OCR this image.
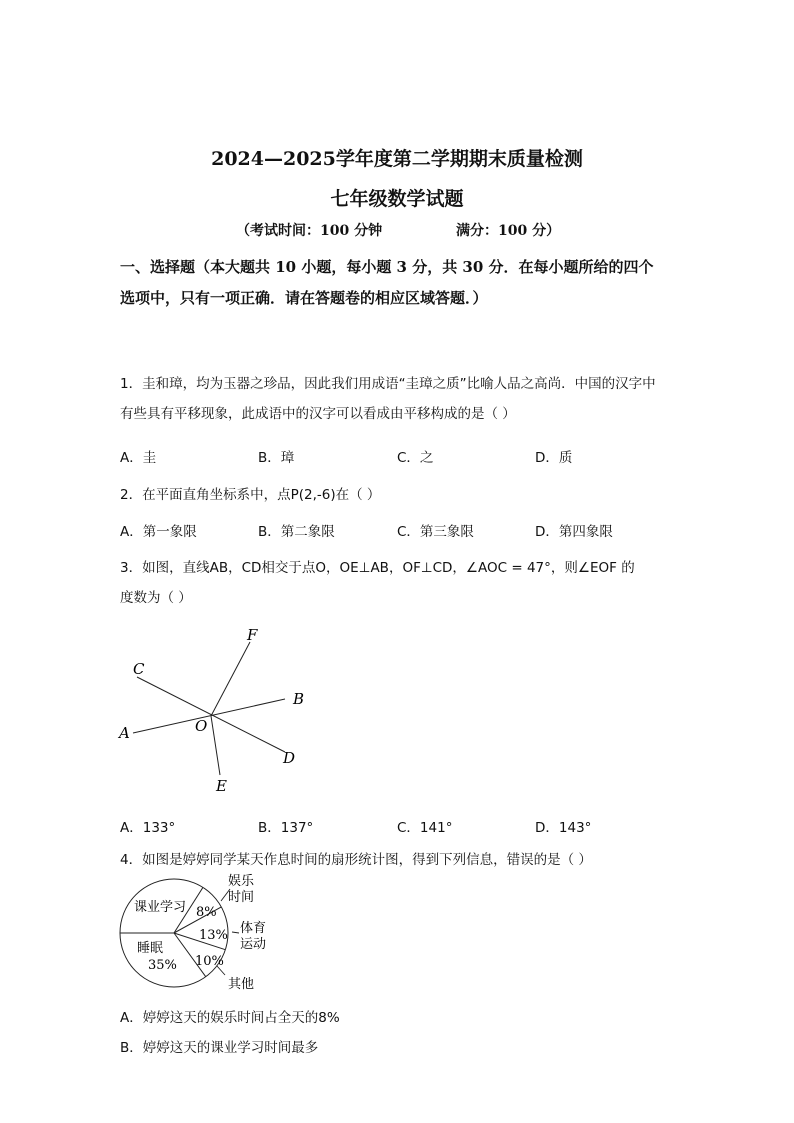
2024—2025学年度第二学期期末质量检测
七年级数学试题
（考试时间：100 分钟	满分：100 分）
一、选择题（本大题共 10 小题，每小题 3 分，共 30 分．在每小题所给的四个
选项中，只有一项正确．请在答题卷的相应区域答题．）
1．圭和璋，均为玉器之珍品，因此我们用成语“圭璋之质”比喻人品之高尚．中国的汉字中
有些具有平移现象，此成语中的汉字可以看成由平移构成的是（ ）
A．圭	B．璋	C．之	D．质
2．在平面直角坐标系中，点P(2,-6)在（ ）
A．第一象限	B．第二象限	C．第三象限	D．第四象限
3．如图，直线AB，CD相交于点O，OE⊥AB，OF⊥CD，∠AOC = 47°，则∠EOF 的
度数为（ ）
A
B
C
D
E
F
O
A．133°	B．137°	C．141°	D．143°
4．如图是婷婷同学某天作息时间的扇形统计图，得到下列信息，错误的是（ ）
课业学习
睡眠
35%
8%
13%
10%
娱乐
时间
体育
运动
其他
A．婷婷这天的娱乐时间占全天的8%
B．婷婷这天的课业学习时间最多
